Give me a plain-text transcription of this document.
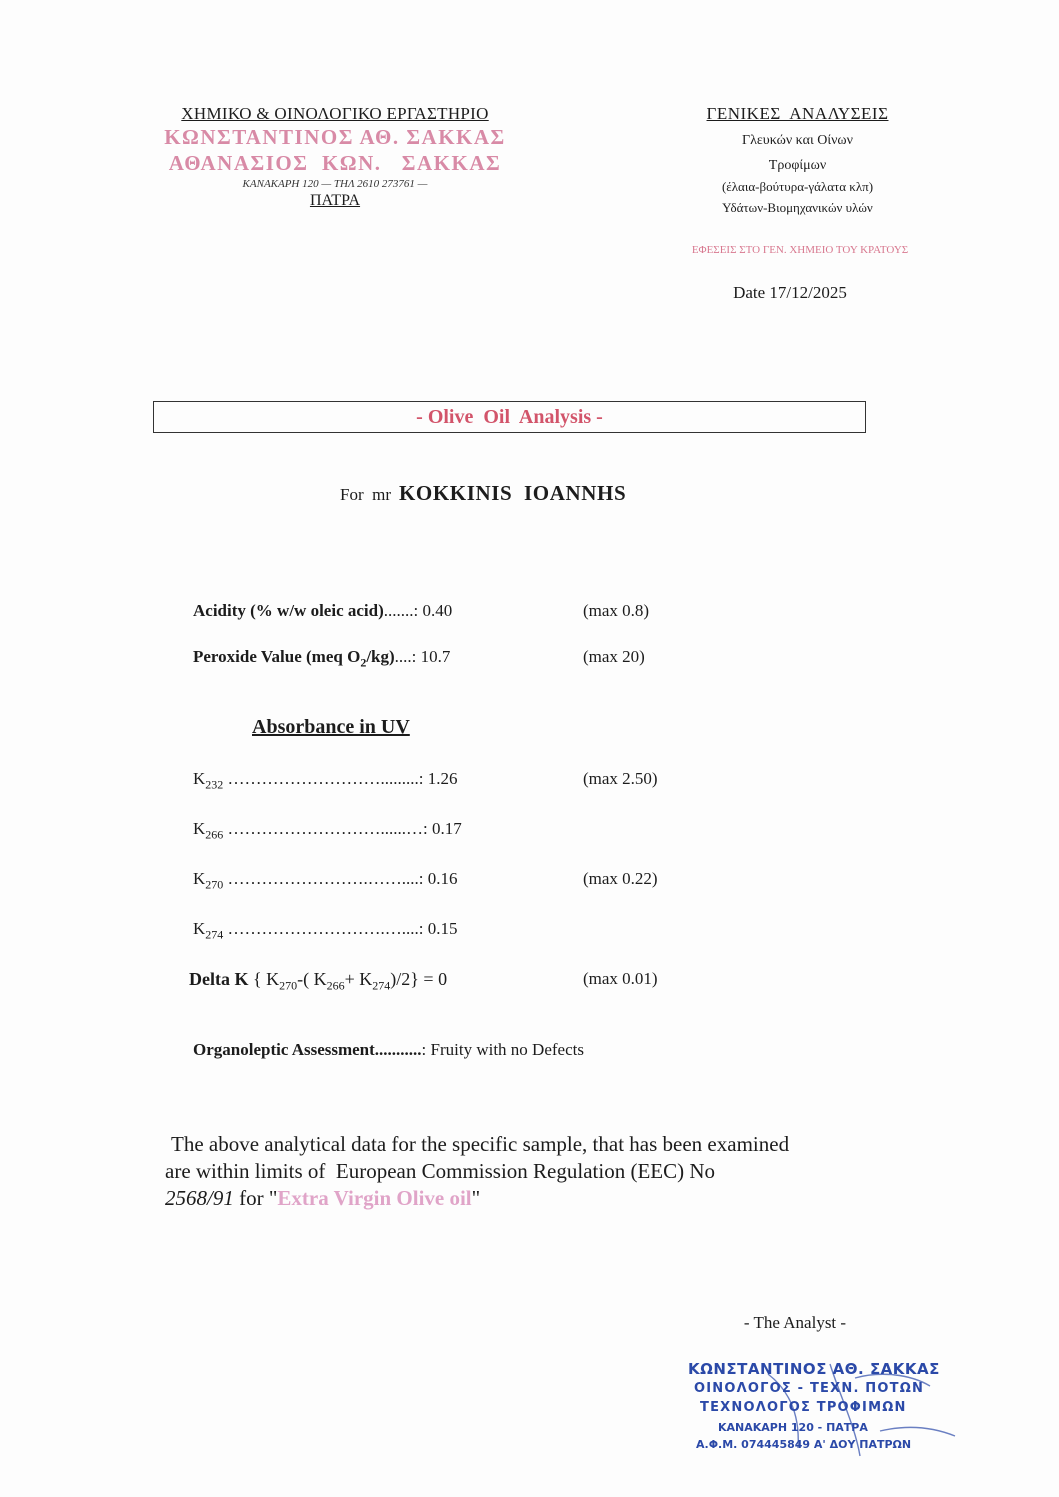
ΧΗΜΙΚΟ & ΟΙΝΟΛΟΓΙΚΟ ΕΡΓΑΣΤΗΡΙΟ
ΚΩΝΣΤΑΝΤΙΝΟΣ ΑΘ. ΣΑΚΚΑΣ
ΑΘΑΝΑΣΙΟΣ  ΚΩΝ.   ΣΑΚΚΑΣ
ΚΑΝΑΚΑΡΗ 120 — ΤΗΛ 2610 273761 —
ΠΑΤΡΑ
ΓΕΝΙΚΕΣ  ΑΝΑΛΥΣΕΙΣ
Γλευκών και Οίνων
Τροφίμων
(έλαια-βούτυρα-γάλατα κλπ)
Υδάτων-Βιομηχανικών υλών
ΕΦΕΣΕΙΣ ΣΤΟ ΓΕΝ. ΧΗΜΕΙΟ ΤΟΥ ΚΡΑΤΟΥΣ
Date 17/12/2025
- Olive  Oil  Analysis -
For  mr KOKKINIS  IOANNHS
Acidity (% w/w oleic acid).......: 0.40	(max 0.8)
Peroxide Value (meq $O_2/kg$)....: 10.7	(max 20)
Absorbance in UV
$K_{232}$ ……………………….........: 1.26	(max 2.50)
$K_{266}$ ………………………......…: 0.17
$K_{270}$ …………………….……....: 0.16	(max 0.22)
$K_{274}$ ……………………….…....: 0.15
Delta K { $K_{270}-$( $K_{266}+ K_{274})/2\} = 0$	(max 0.01)
Organoleptic Assessment...........: Fruity with no Defects
The above analytical data for the specific sample, that has been examined
are within limits of  European Commission Regulation (EEC) No
2568/91 for "Extra Virgin Olive oil"
- The Analyst -
ΚΩΝΣΤΑΝΤΙΝΟΣ ΑΘ. ΣΑΚΚΑΣ
ΟΙΝΟΛΟΓΟΣ - ΤΕΧΝ. ΠΟΤΩΝ
ΤΕΧΝΟΛΟΓΟΣ ΤΡΟΦΙΜΩΝ
ΚΑΝΑΚΑΡΗ 120 - ΠΑΤΡΑ
Α.Φ.Μ. 074445849 Α' ΔΟΥ ΠΑΤΡΩΝ
